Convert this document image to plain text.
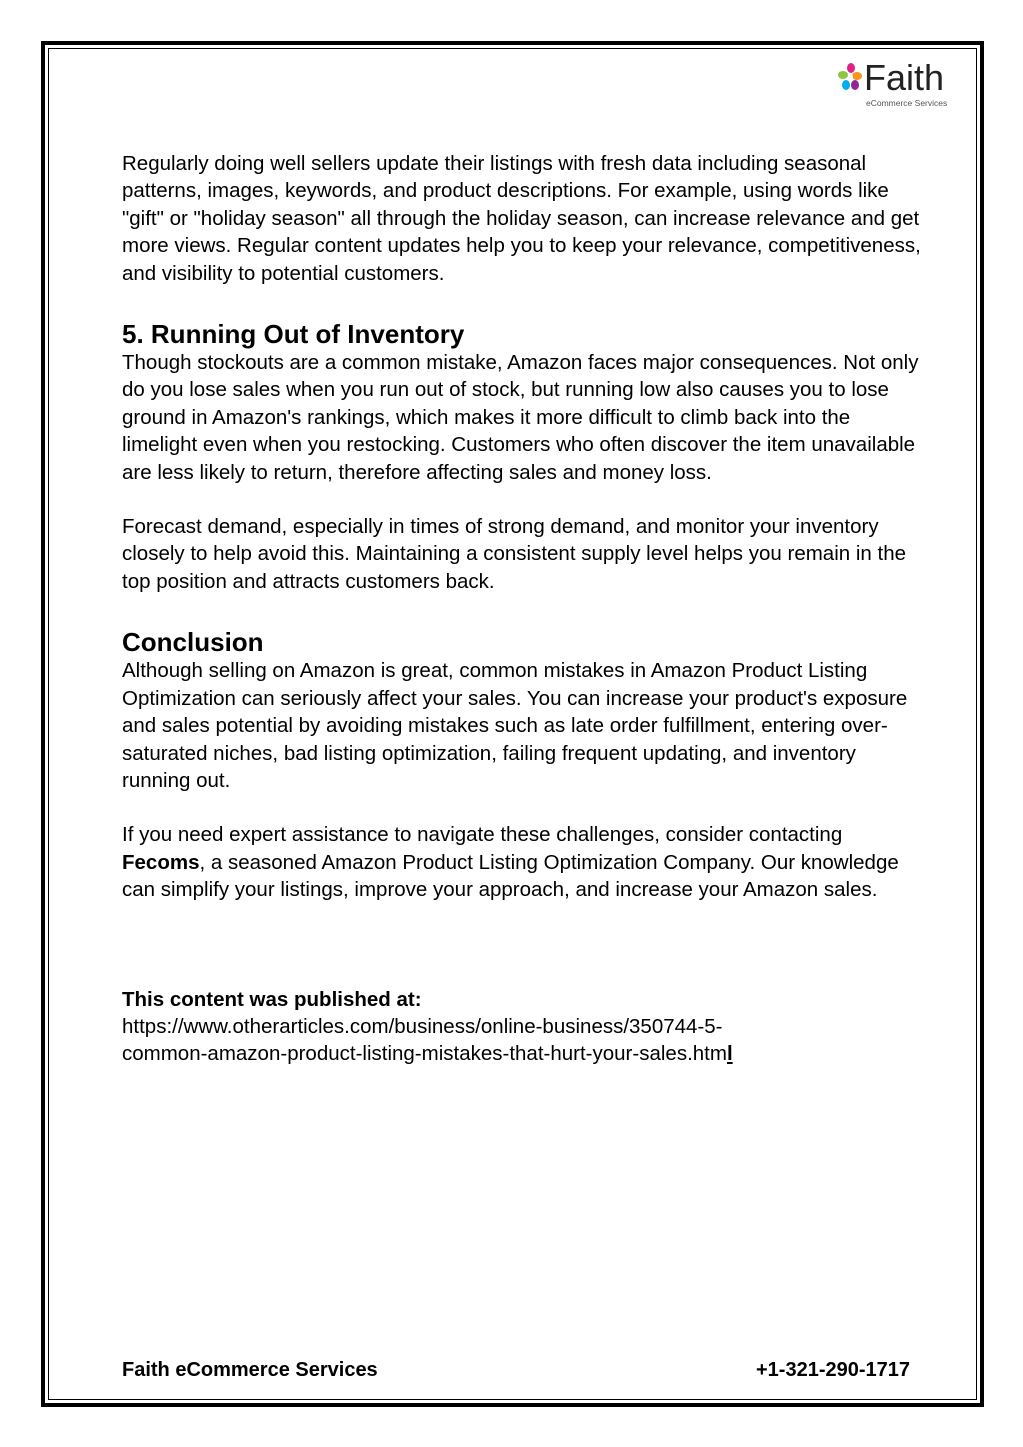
Faith
eCommerce Services

Regularly doing well sellers update their listings with fresh data including seasonal patterns, images, keywords, and product descriptions. For example, using words like "gift" or "holiday season" all through the holiday season, can increase relevance and get more views. Regular content updates help you to keep your relevance, competitiveness, and visibility to potential customers.

5. Running Out of Inventory

Though stockouts are a common mistake, Amazon faces major consequences. Not only do you lose sales when you run out of stock, but running low also causes you to lose ground in Amazon's rankings, which makes it more difficult to climb back into the limelight even when you restocking. Customers who often discover the item unavailable are less likely to return, therefore affecting sales and money loss.

Forecast demand, especially in times of strong demand, and monitor your inventory closely to help avoid this. Maintaining a consistent supply level helps you remain in the top position and attracts customers back.

Conclusion

Although selling on Amazon is great, common mistakes in Amazon Product Listing Optimization can seriously affect your sales. You can increase your product's exposure and sales potential by avoiding mistakes such as late order fulfillment, entering over-saturated niches, bad listing optimization, failing frequent updating, and inventory running out.

If you need expert assistance to navigate these challenges, consider contacting Fecoms, a seasoned Amazon Product Listing Optimization Company. Our knowledge can simplify your listings, improve your approach, and increase your Amazon sales.

This content was published at:

https://www.otherarticles.com/business/online-business/350744-5-
common-amazon-product-listing-mistakes-that-hurt-your-sales.html

Faith eCommerce Services	+1-321-290-1717
